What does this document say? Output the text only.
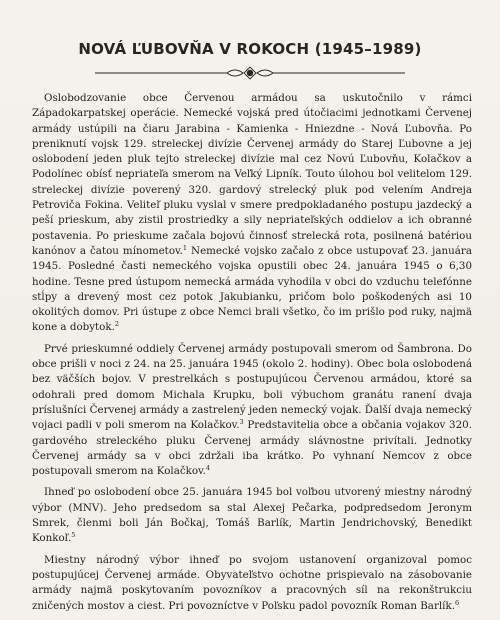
NOVÁ ĽUBOVŇA V ROKOCH (1945–1989)

Oslobodzovanie obce Červenou armádou sa uskutočnilo v rámci Západokarpatskej operácie. Nemecké vojská pred útočiacimi jednotkami Červenej armády ustúpili na čiaru Jarabina - Kamienka - Hniezdne - Nová Ľubovňa. Po preniknutí vojsk 129. streleckej divízie Červenej armády do Starej Ľubovne a jej oslobodení jeden pluk tejto streleckej divízie mal cez Novú Ľubovňu, Kolačkov a Podolínec obísť nepriateľa smerom na Veľký Lipník. Touto úlohou bol velitelom 129. streleckej divízie poverený 320. gardový strelecký pluk pod velením Andreja Petroviča Fokina. Veliteľ pluku vyslal v smere predpokladaného postupu jazdecký a peší prieskum, aby zistil prostriedky a sily nepriateľských oddielov a ich obranné postavenia. Po prieskume začala bojovú činnosť strelecká rota, posilnená batériou kanónov a čatou mínometov.$^1$ Nemecké vojsko začalo z obce ustupovať 23. januára 1945. Posledné časti nemeckého vojska opustili obec 24. januára 1945 o 6,30 hodine. Tesne pred ústupom nemecká armáda vyhodila v obci do vzduchu telefónne stĺpy a drevený most cez potok Jakubianku, pričom bolo poškodených asi 10 okolitých domov. Pri ústupe z obce Nemci brali všetko, čo im prišlo pod ruky, najmä kone a dobytok.$^2$

Prvé prieskumné oddiely Červenej armády postupovali smerom od Šambrona. Do obce prišli v noci z 24. na 25. januára 1945 (okolo 2. hodiny). Obec bola oslobodená bez väčších bojov. V prestrelkách s postupujúcou Červenou armádou, ktoré sa odohrali pred domom Michala Krupku, boli výbuchom granátu ranení dvaja príslušníci Červenej armády a zastrelený jeden nemecký vojak. Ďalší dvaja nemecký vojaci padli v poli smerom na Kolačkov.$^3$ Predstavitelia obce a občania vojakov 320. gardového streleckého pluku Červenej armády slávnostne privítali. Jednotky Červenej armády sa v obci zdržali iba krátko. Po vyhnaní Nemcov z obce postupovali smerom na Kolačkov.$^4$

Ihneď po oslobodení obce 25. januára 1945 bol voľbou utvorený miestny národný výbor (MNV). Jeho predsedom sa stal Alexej Pečarka, podpredsedom Jeronym Smrek, členmi boli Ján Bočkaj, Tomáš Barlík, Martin Jendrichovský, Benedikt Konkoľ.$^5$

Miestny národný výbor ihneď po svojom ustanovení organizoval pomoc postupujúcej Červenej armáde. Obyvateľstvo ochotne prispievalo na zásobovanie armády najmä poskytovaním povozníkov a pracovných síl na rekonštrukciu zničených mostov a ciest. Pri povozníctve v Poľsku padol povozník Roman Barlík.$^6$
